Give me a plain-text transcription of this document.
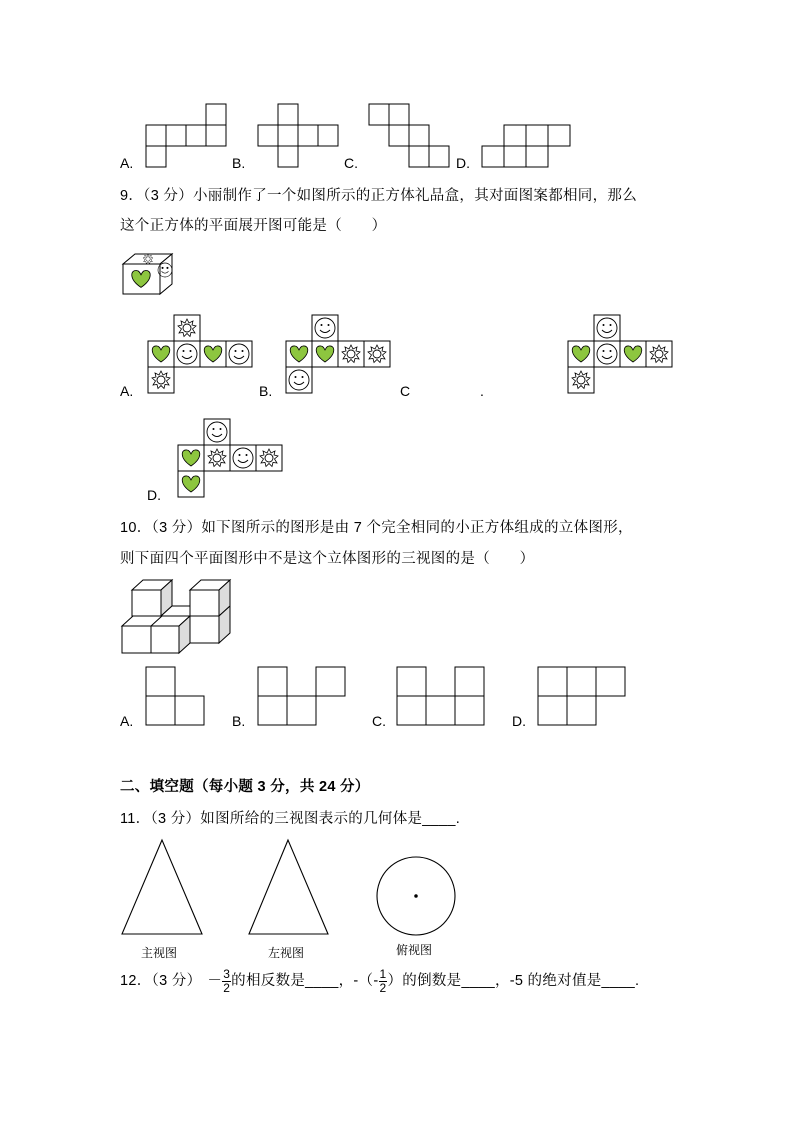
A.	B.	C.	D.
9．（3 分）小丽制作了一个如图所示的正方体礼品盒，其对面图案都相同，那么
这个正方体的平面展开图可能是（　　）
A.	B.	C	.
D.
10．（3 分）如下图所示的图形是由 7 个完全相同的小正方体组成的立体图形，
则下面四个平面图形中不是这个立体图形的三视图的是（　　）
A.	B.	C.	D.
二、填空题（每小题 3 分，共 24 分）
11．（3 分）如图所给的三视图表示的几何体是____.
主视图	左视图	俯视图
12．（3 分） － $\frac{3}{2}$ 的相反数是____，-（- $\frac{1}{2}$ ）的倒数是____，-5 的绝对值是____.
